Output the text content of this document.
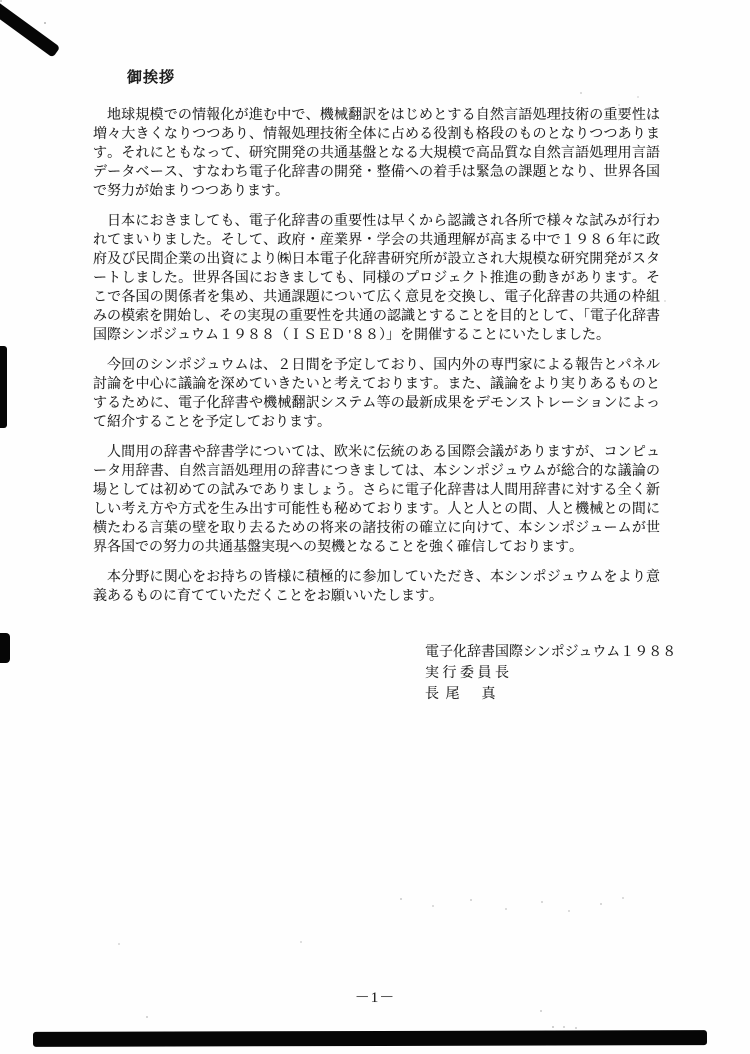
御挨拶

地球規模での情報化が進む中で、機械翻訳をはじめとする自然言語処理技術の重要性は増々大きくなりつつあり、情報処理技術全体に占める役割も格段のものとなりつつあります。それにともなって、研究開発の共通基盤となる大規模で高品質な自然言語処理用言語データベース、すなわち電子化辞書の開発・整備への着手は緊急の課題となり、世界各国で努力が始まりつつあります。

日本におきましても、電子化辞書の重要性は早くから認識され各所で様々な試みが行われてまいりました。そして、政府・産業界・学会の共通理解が高まる中で１９８６年に政府及び民間企業の出資により㈱日本電子化辞書研究所が設立され大規模な研究開発がスタートしました。世界各国におきましても、同様のプロジェクト推進の動きがあります。そこで各国の関係者を集め、共通課題について広く意見を交換し、電子化辞書の共通の枠組みの模索を開始し、その実現の重要性を共通の認識とすることを目的として、「電子化辞書国際シンポジュウム１９８８（ＩＳＥＤ '８８）」を開催することにいたしました。

今回のシンポジュウムは、２日間を予定しており、国内外の専門家による報告とパネル討論を中心に議論を深めていきたいと考えております。また、議論をより実りあるものとするために、電子化辞書や機械翻訳システム等の最新成果をデモンストレーションによって紹介することを予定しております。

人間用の辞書や辞書学については、欧米に伝統のある国際会議がありますが、コンピュータ用辞書、自然言語処理用の辞書につきましては、本シンポジュウムが総合的な議論の場としては初めての試みでありましょう。さらに電子化辞書は人間用辞書に対する全く新しい考え方や方式を生み出す可能性も秘めております。人と人との間、人と機械との間に横たわる言葉の壁を取り去るための将来の諸技術の確立に向けて、本シンポジュームが世界各国での努力の共通基盤実現への契機となることを強く確信しております。

本分野に関心をお持ちの皆様に積極的に参加していただき、本シンポジュウムをより意義あるものに育てていただくことをお願いいたします。

電子化辞書国際シンポジュウム１９８８
実 行 委 員 長
長 尾　 真
－1－
